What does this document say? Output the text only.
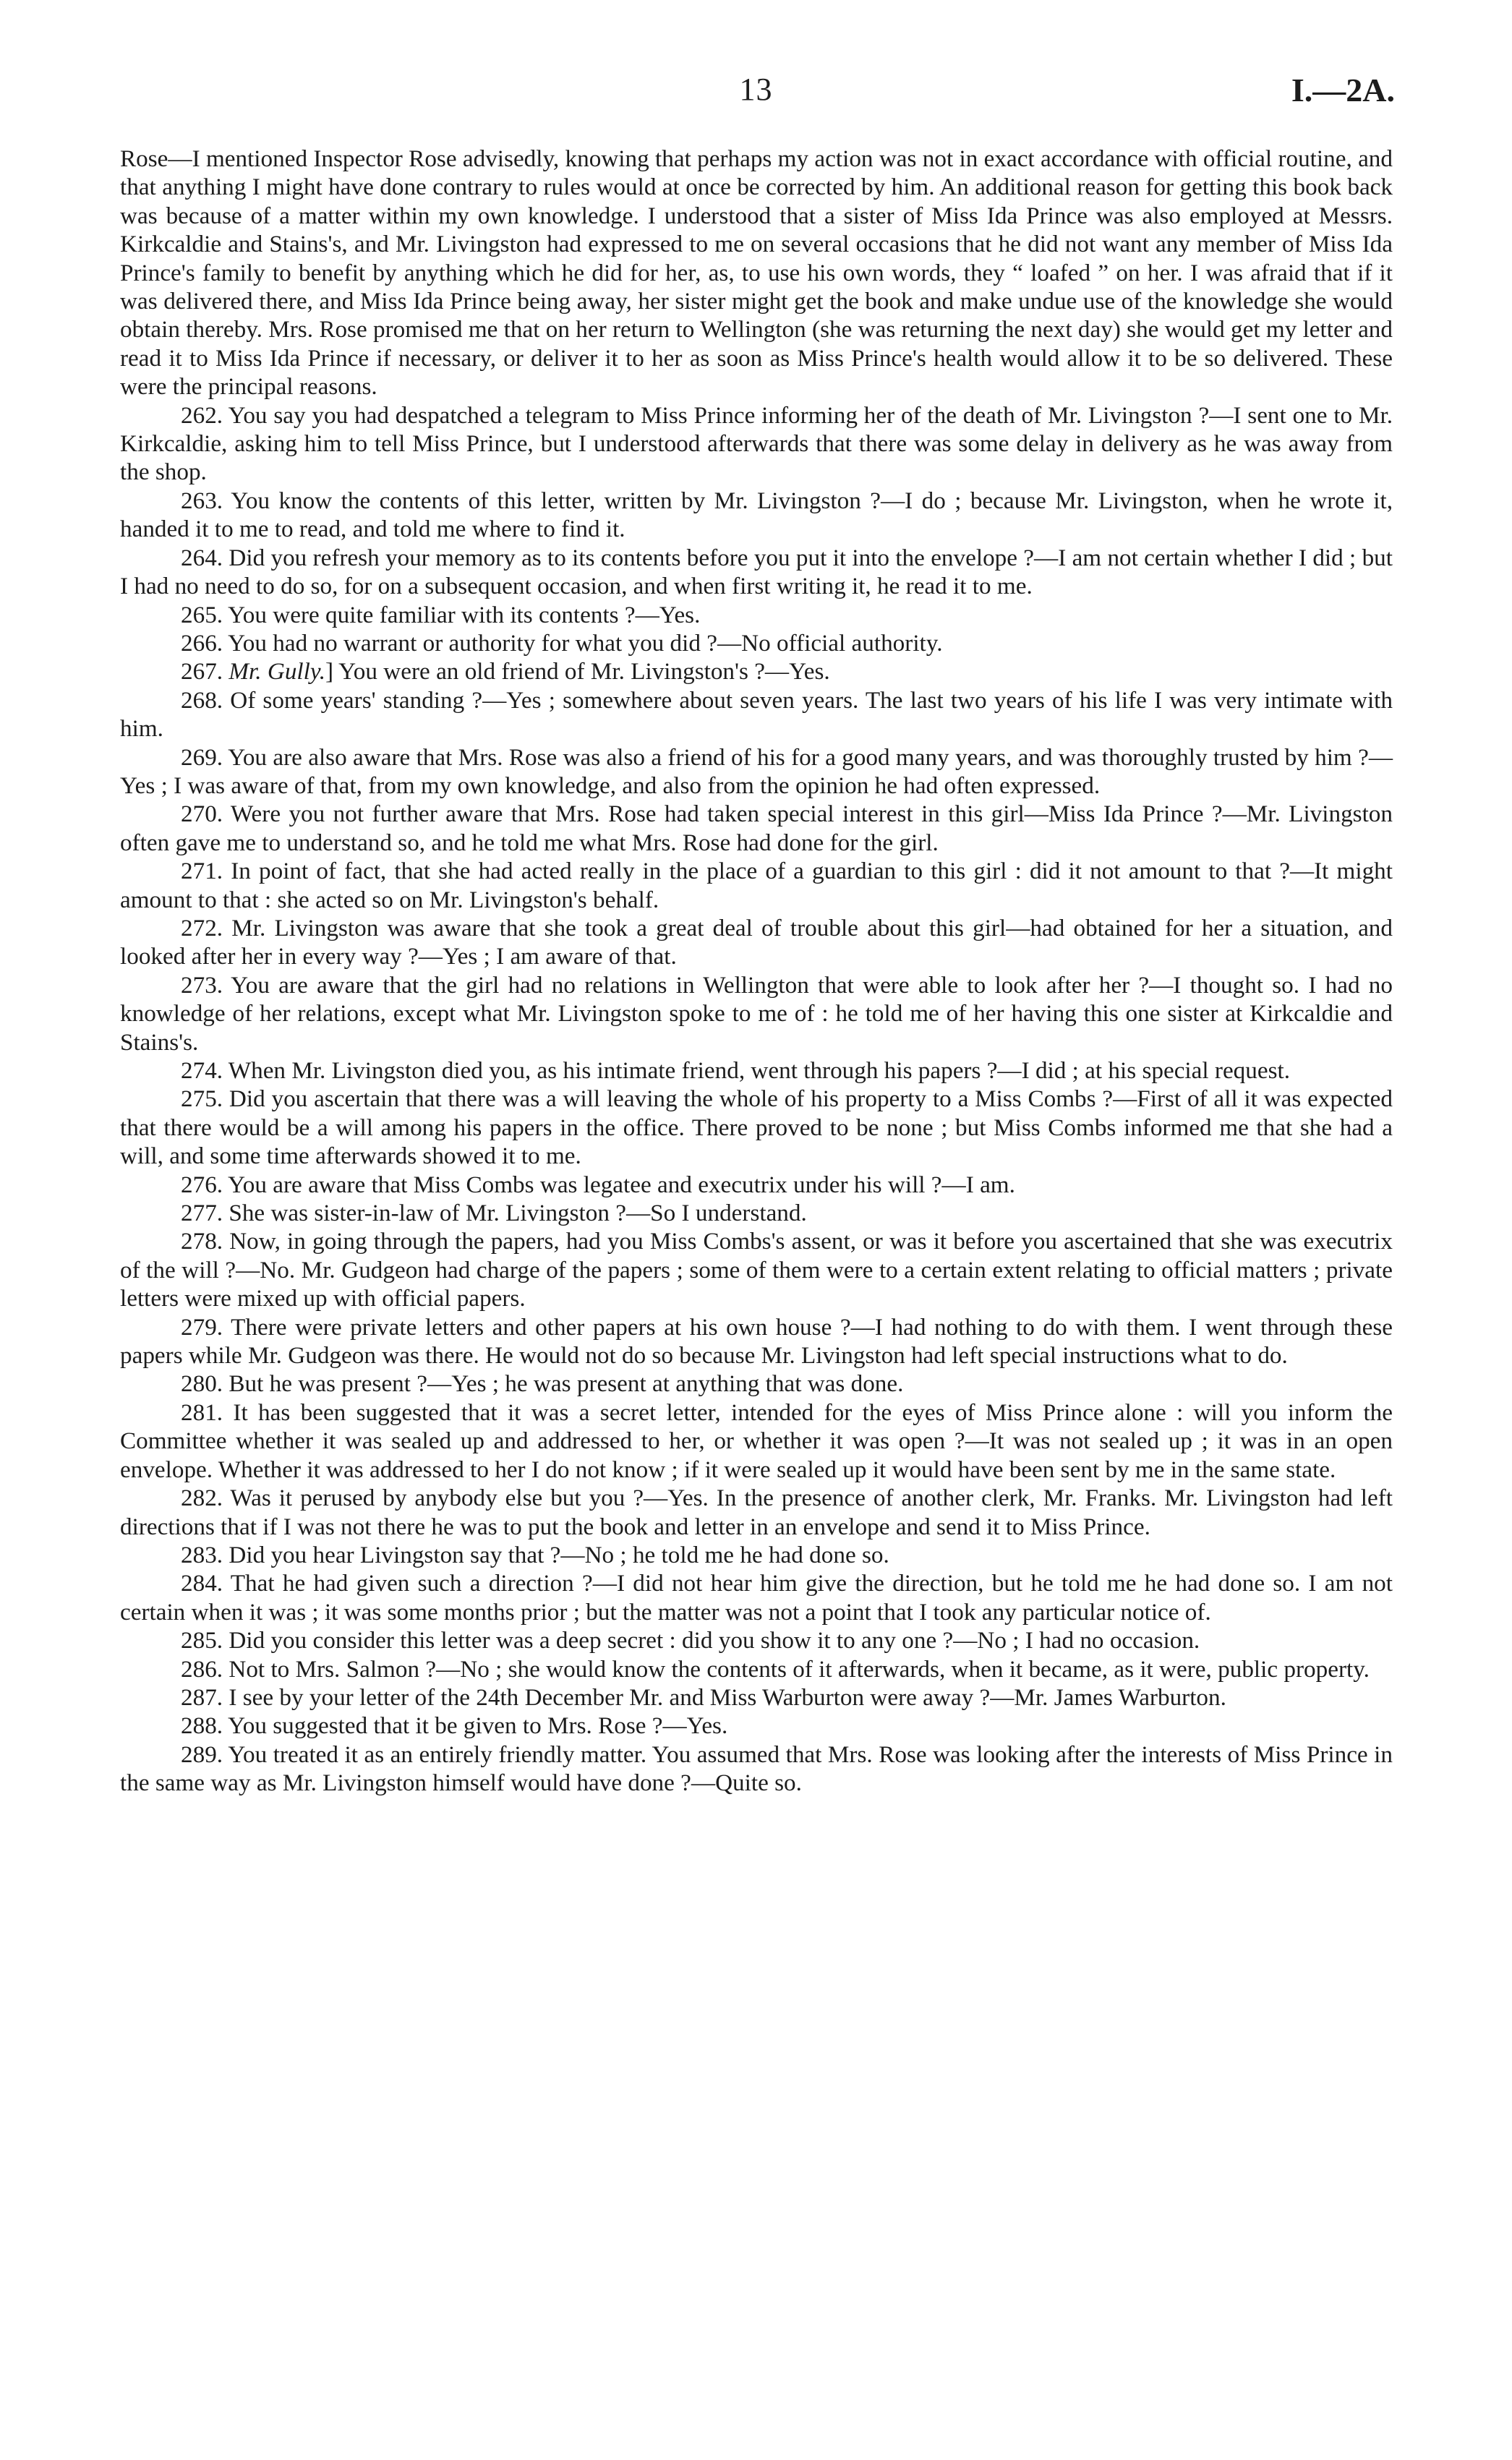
13	I.—2A.

Rose—I mentioned Inspector Rose advisedly, knowing that perhaps my action was not in exact accordance with official routine, and that anything I might have done contrary to rules would at once be corrected by him. An additional reason for getting this book back was because of a matter within my own knowledge. I understood that a sister of Miss Ida Prince was also employed at Messrs. Kirkcaldie and Stains's, and Mr. Livingston had expressed to me on several occasions that he did not want any member of Miss Ida Prince's family to benefit by anything which he did for her, as, to use his own words, they “ loafed ” on her. I was afraid that if it was delivered there, and Miss Ida Prince being away, her sister might get the book and make undue use of the knowledge she would obtain thereby. Mrs. Rose promised me that on her return to Wellington (she was returning the next day) she would get my letter and read it to Miss Ida Prince if necessary, or deliver it to her as soon as Miss Prince's health would allow it to be so delivered. These were the principal reasons.

262. You say you had despatched a telegram to Miss Prince informing her of the death of Mr. Livingston ?—I sent one to Mr. Kirkcaldie, asking him to tell Miss Prince, but I understood afterwards that there was some delay in delivery as he was away from the shop.

263. You know the contents of this letter, written by Mr. Livingston ?—I do ; because Mr. Livingston, when he wrote it, handed it to me to read, and told me where to find it.

264. Did you refresh your memory as to its contents before you put it into the envelope ?—I am not certain whether I did ; but I had no need to do so, for on a subsequent occasion, and when first writing it, he read it to me.

265. You were quite familiar with its contents ?—Yes.

266. You had no warrant or authority for what you did ?—No official authority.

267. Mr. Gully.] You were an old friend of Mr. Livingston's ?—Yes.

268. Of some years' standing ?—Yes ; somewhere about seven years. The last two years of his life I was very intimate with him.

269. You are also aware that Mrs. Rose was also a friend of his for a good many years, and was thoroughly trusted by him ?—Yes ; I was aware of that, from my own knowledge, and also from the opinion he had often expressed.

270. Were you not further aware that Mrs. Rose had taken special interest in this girl—Miss Ida Prince ?—Mr. Livingston often gave me to understand so, and he told me what Mrs. Rose had done for the girl.

271. In point of fact, that she had acted really in the place of a guardian to this girl : did it not amount to that ?—It might amount to that : she acted so on Mr. Livingston's behalf.

272. Mr. Livingston was aware that she took a great deal of trouble about this girl—had obtained for her a situation, and looked after her in every way ?—Yes ; I am aware of that.

273. You are aware that the girl had no relations in Wellington that were able to look after her ?—I thought so. I had no knowledge of her relations, except what Mr. Livingston spoke to me of : he told me of her having this one sister at Kirkcaldie and Stains's.

274. When Mr. Livingston died you, as his intimate friend, went through his papers ?—I did ; at his special request.

275. Did you ascertain that there was a will leaving the whole of his property to a Miss Combs ?—First of all it was expected that there would be a will among his papers in the office. There proved to be none ; but Miss Combs informed me that she had a will, and some time afterwards showed it to me.

276. You are aware that Miss Combs was legatee and executrix under his will ?—I am.

277. She was sister-in-law of Mr. Livingston ?—So I understand.

278. Now, in going through the papers, had you Miss Combs's assent, or was it before you ascertained that she was executrix of the will ?—No. Mr. Gudgeon had charge of the papers ; some of them were to a certain extent relating to official matters ; private letters were mixed up with official papers.

279. There were private letters and other papers at his own house ?—I had nothing to do with them. I went through these papers while Mr. Gudgeon was there. He would not do so because Mr. Livingston had left special instructions what to do.

280. But he was present ?—Yes ; he was present at anything that was done.

281. It has been suggested that it was a secret letter, intended for the eyes of Miss Prince alone : will you inform the Committee whether it was sealed up and addressed to her, or whether it was open ?—It was not sealed up ; it was in an open envelope. Whether it was addressed to her I do not know ; if it were sealed up it would have been sent by me in the same state.

282. Was it perused by anybody else but you ?—Yes. In the presence of another clerk, Mr. Franks. Mr. Livingston had left directions that if I was not there he was to put the book and letter in an envelope and send it to Miss Prince.

283. Did you hear Livingston say that ?—No ; he told me he had done so.

284. That he had given such a direction ?—I did not hear him give the direction, but he told me he had done so. I am not certain when it was ; it was some months prior ; but the matter was not a point that I took any particular notice of.

285. Did you consider this letter was a deep secret : did you show it to any one ?—No ; I had no occasion.

286. Not to Mrs. Salmon ?—No ; she would know the contents of it afterwards, when it became, as it were, public property.

287. I see by your letter of the 24th December Mr. and Miss Warburton were away ?—Mr. James Warburton.

288. You suggested that it be given to Mrs. Rose ?—Yes.

289. You treated it as an entirely friendly matter. You assumed that Mrs. Rose was looking after the interests of Miss Prince in the same way as Mr. Livingston himself would have done ?—Quite so.
